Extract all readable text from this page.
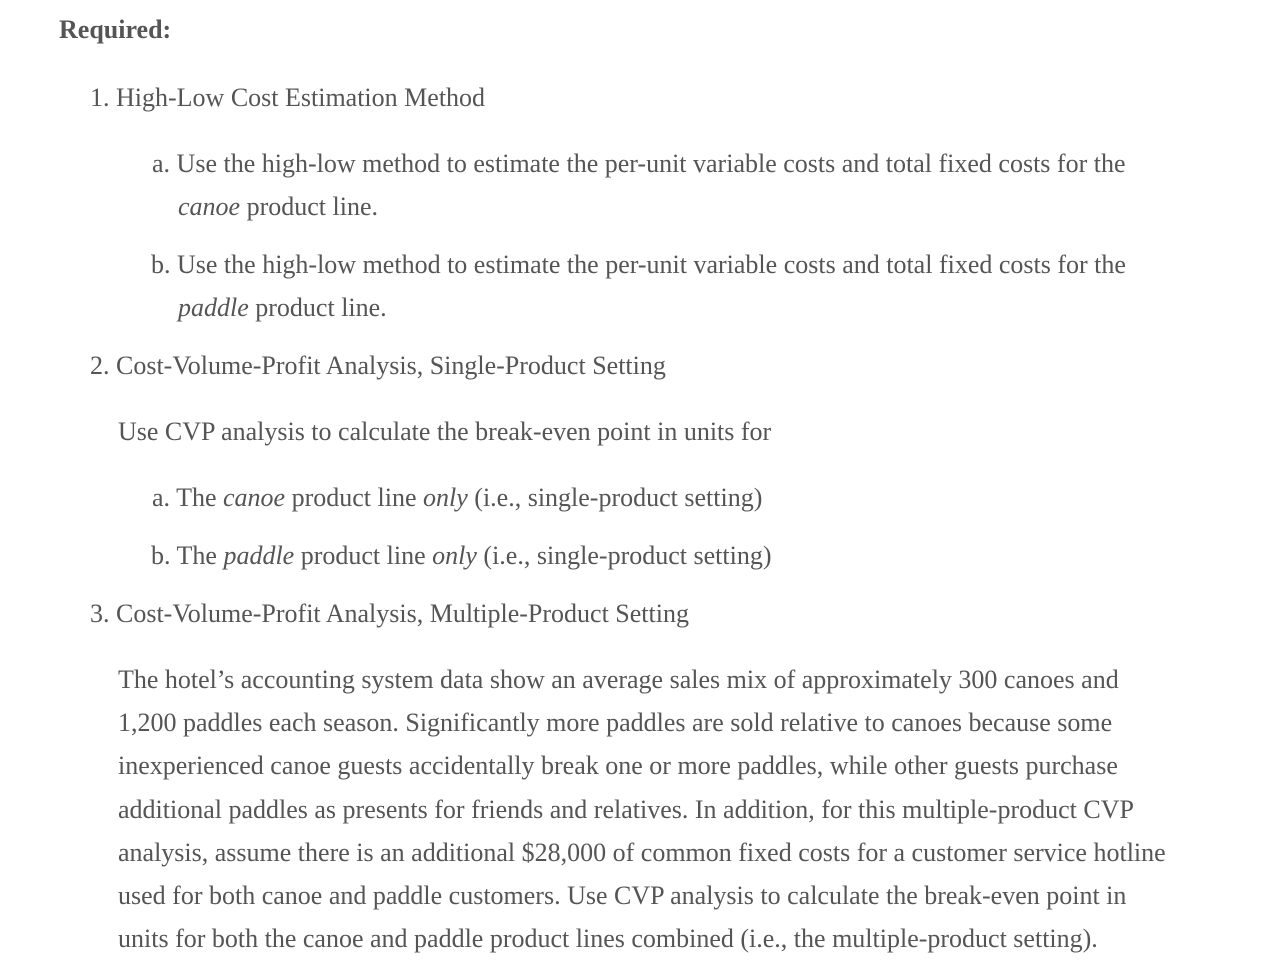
Required:

1. High-Low Cost Estimation Method

a. Use the high-low method to estimate the per-unit variable costs and total fixed costs for the

canoe product line.

b. Use the high-low method to estimate the per-unit variable costs and total fixed costs for the

paddle product line.

2. Cost-Volume-Profit Analysis, Single-Product Setting

Use CVP analysis to calculate the break-even point in units for

a. The canoe product line only (i.e., single-product setting)

b. The paddle product line only (i.e., single-product setting)

3. Cost-Volume-Profit Analysis, Multiple-Product Setting

The hotel’s accounting system data show an average sales mix of approximately 300 canoes and
1,200 paddles each season. Significantly more paddles are sold relative to canoes because some
inexperienced canoe guests accidentally break one or more paddles, while other guests purchase
additional paddles as presents for friends and relatives. In addition, for this multiple-product CVP
analysis, assume there is an additional $28,000 of common fixed costs for a customer service hotline
used for both canoe and paddle customers. Use CVP analysis to calculate the break-even point in
units for both the canoe and paddle product lines combined (i.e., the multiple-product setting).
